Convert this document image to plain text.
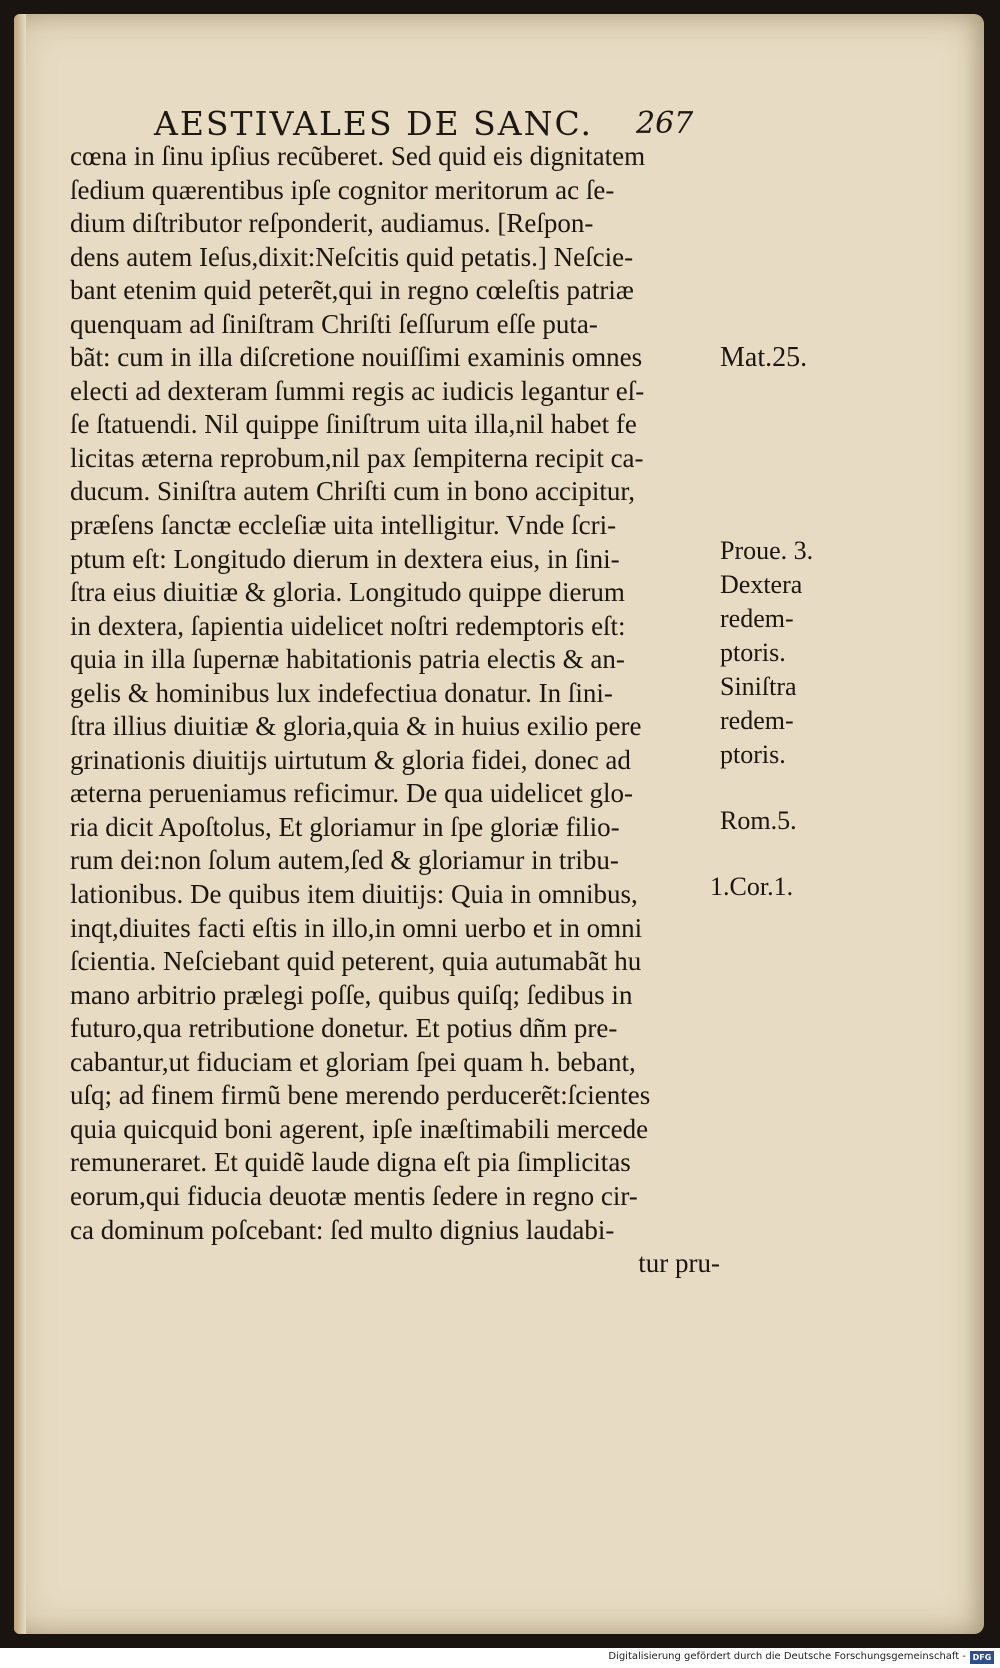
AESTIVALES DE SANC. 267
cœna in ſinu ipſius recũberet. Sed quid eis dignitatem
ſedium quærentibus ipſe cognitor meritorum ac ſe-
dium diſtributor reſponderit, audiamus. [Reſpon-
dens autem Ieſus,dixit:Neſcitis quid petatis.] Neſcie-
bant etenim quid peterẽt,qui in regno cœleſtis patriæ
quenquam ad ſiniſtram Chriſti ſeſſurum eſſe puta-
bãt: cum in illa diſcretione nouiſſimi examinis omnes
electi ad dexteram ſummi regis ac iudicis legantur eſ-
ſe ſtatuendi. Nil quippe ſiniſtrum uita illa,nil habet fe
licitas æterna reprobum,nil pax ſempiterna recipit ca-
ducum. Siniſtra autem Chriſti cum in bono accipitur,
præſens ſanctæ eccleſiæ uita intelligitur. Vnde ſcri-
ptum eſt: Longitudo dierum in dextera eius, in ſini-
ſtra eius diuitiæ & gloria. Longitudo quippe dierum
in dextera, ſapientia uidelicet noſtri redemptoris eſt:
quia in illa ſupernæ habitationis patria electis & an-
gelis & hominibus lux indefectiua donatur. In ſini-
ſtra illius diuitiæ & gloria,quia & in huius exilio pere
grinationis diuitijs uirtutum & gloria fidei, donec ad
æterna perueniamus reficimur. De qua uidelicet glo-
ria dicit Apoſtolus, Et gloriamur in ſpe gloriæ filio-
rum dei:non ſolum autem,ſed & gloriamur in tribu-
lationibus. De quibus item diuitijs: Quia in omnibus,
inqt,diuites facti eſtis in illo,in omni uerbo et in omni
ſcientia. Neſciebant quid peterent, quia autumabãt hu
mano arbitrio prælegi poſſe, quibus quiſq; ſedibus in
futuro,qua retributione donetur. Et potius dñm pre-
cabantur,ut fiduciam et gloriam ſpei quam h. bebant,
uſq; ad finem firmũ bene merendo perducerẽt:ſcientes
quia quicquid boni agerent, ipſe inæſtimabili mercede
remuneraret. Et quidẽ laude digna eſt pia ſimplicitas
eorum,qui fiducia deuotæ mentis ſedere in regno cir-
ca dominum poſcebant: ſed multo dignius laudabi-
tur pru-
Mat.25.
Proue. 3.
Dextera
redem-
ptoris.
Siniſtra
redem-
ptoris.
Rom.5.
1.Cor.1.
Digitalisierung gefördert durch die Deutsche Forschungsgemeinschaft - DFG
